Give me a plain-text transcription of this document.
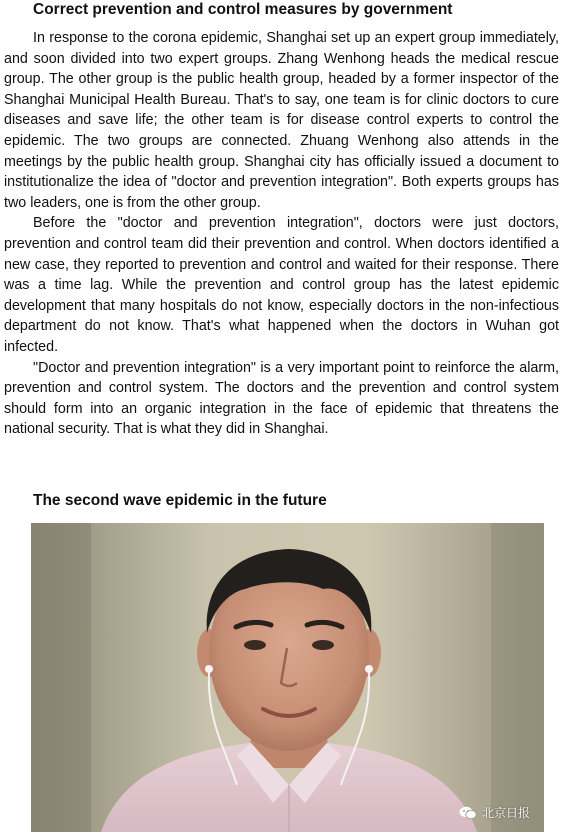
Correct prevention and control measures by government

In response to the corona epidemic, Shanghai set up an expert group immediately, and soon divided into two expert groups. Zhang Wenhong heads the medical rescue group. The other group is the public health group, headed by a former inspector of the Shanghai Municipal Health Bureau. That's to say, one team is for clinic doctors to cure diseases and save life; the other team is for disease control experts to control the epidemic. The two groups are connected. Zhuang Wenhong also attends in the meetings by the public health group. Shanghai city has officially issued a document to institutionalize the idea of "doctor and prevention integration". Both experts groups has two leaders, one is from the other group.

Before the "doctor and prevention integration", doctors were just doctors, prevention and control team did their prevention and control. When doctors identified a new case, they reported to prevention and control and waited for their response. There was a time lag. While the prevention and control group has the latest epidemic development that many hospitals do not know, especially doctors in the non-infectious department do not know. That's what happened when the doctors in Wuhan got infected.

"Doctor and prevention integration" is a very important point to reinforce the alarm, prevention and control system. The doctors and the prevention and control system should form into an organic integration in the face of epidemic that threatens the national security. That is what they did in Shanghai.

The second wave epidemic in the future
北京日报
